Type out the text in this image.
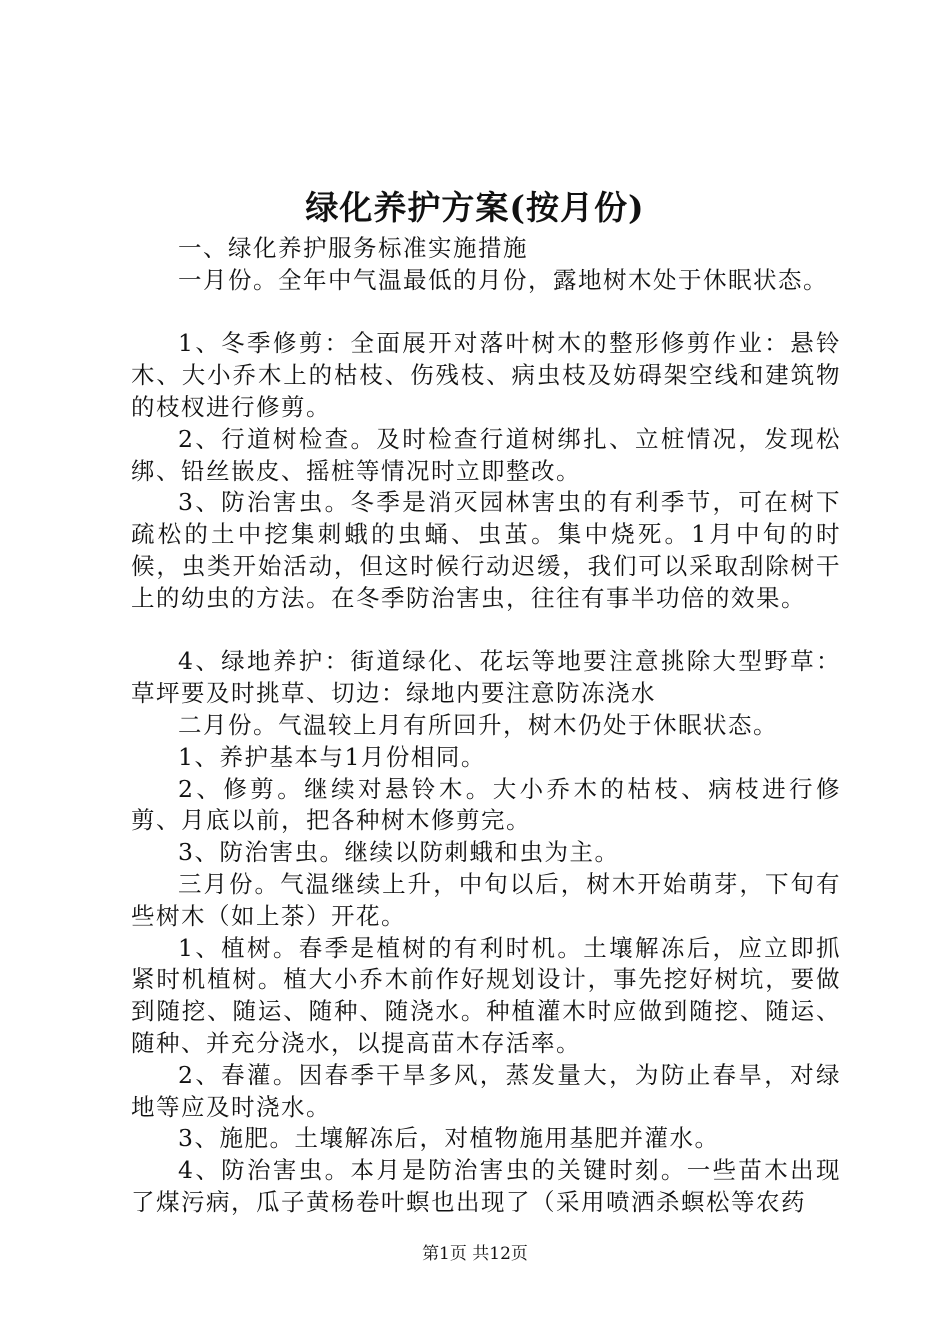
绿化养护方案(按月份)

一、绿化养护服务标准实施措施

一月份。全年中气温最低的月份，露地树木处于休眠状态。

1、冬季修剪：全面展开对落叶树木的整形修剪作业：悬铃木、大小乔木上的枯枝、伤残枝、病虫枝及妨碍架空线和建筑物的枝杈进行修剪。

2、行道树检查。及时检查行道树绑扎、立桩情况，发现松绑、铅丝嵌皮、摇桩等情况时立即整改。

3、防治害虫。冬季是消灭园林害虫的有利季节，可在树下疏松的土中挖集刺蛾的虫蛹、虫茧。集中烧死。1月中旬的时候，虫类开始活动，但这时候行动迟缓，我们可以采取刮除树干上的幼虫的方法。在冬季防治害虫，往往有事半功倍的效果。

4、绿地养护：街道绿化、花坛等地要注意挑除大型野草：草坪要及时挑草、切边：绿地内要注意防冻浇水

二月份。气温较上月有所回升，树木仍处于休眠状态。

1、养护基本与1月份相同。

2、修剪。继续对悬铃木。大小乔木的枯枝、病枝进行修剪、月底以前，把各种树木修剪完。

3、防治害虫。继续以防刺蛾和虫为主。

三月份。气温继续上升，中旬以后，树木开始萌芽，下旬有些树木（如上茶）开花。

1、植树。春季是植树的有利时机。土壤解冻后，应立即抓紧时机植树。植大小乔木前作好规划设计，事先挖好树坑，要做到随挖、随运、随种、随浇水。种植灌木时应做到随挖、随运、随种、并充分浇水，以提高苗木存活率。

2、春灌。因春季干旱多风，蒸发量大，为防止春旱，对绿地等应及时浇水。

3、施肥。土壤解冻后，对植物施用基肥并灌水。

4、防治害虫。本月是防治害虫的关键时刻。一些苗木出现了煤污病，瓜子黄杨卷叶螟也出现了（采用喷洒杀螟松等农药

第1页 共12页
